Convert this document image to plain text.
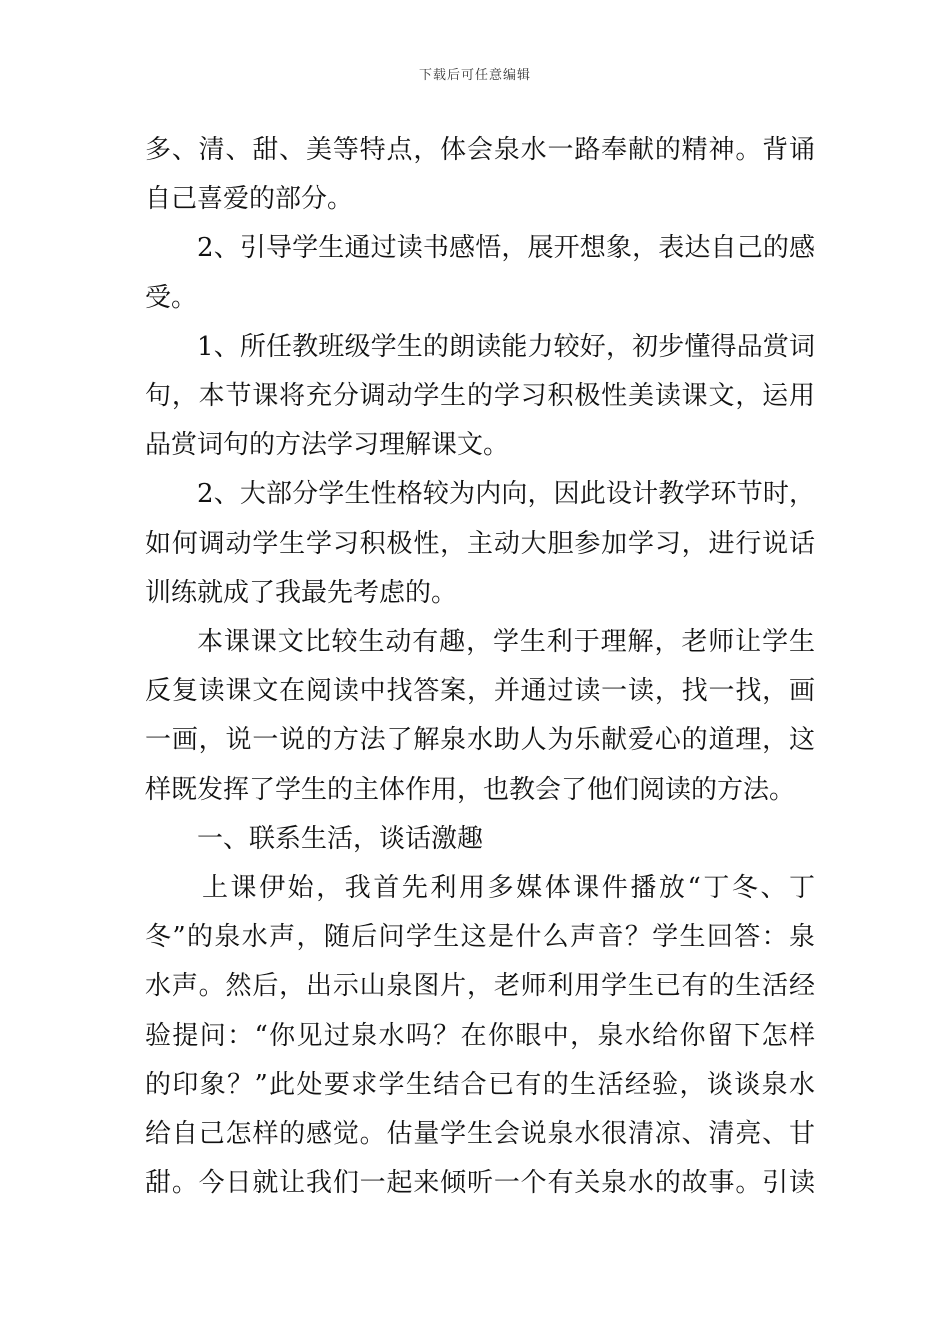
下载后可任意编辑
多、清、甜、美等特点，体会泉水一路奉献的精神。背诵
自己喜爱的部分。
2、引导学生通过读书感悟，展开想象，表达自己的感
受。
1、所任教班级学生的朗读能力较好，初步懂得品赏词
句，本节课将充分调动学生的学习积极性美读课文，运用
品赏词句的方法学习理解课文。
2、大部分学生性格较为内向，因此设计教学环节时，
如何调动学生学习积极性，主动大胆参加学习，进行说话
训练就成了我最先考虑的。
本课课文比较生动有趣，学生利于理解，老师让学生
反复读课文在阅读中找答案，并通过读一读，找一找，画
一画，说一说的方法了解泉水助人为乐献爱心的道理，这
样既发挥了学生的主体作用，也教会了他们阅读的方法。
一、联系生活，谈话激趣
上课伊始，我首先利用多媒体课件播放“丁冬、丁
冬”的泉水声，随后问学生这是什么声音？学生回答：泉
水声。然后，出示山泉图片，老师利用学生已有的生活经
验提问：“你见过泉水吗？在你眼中，泉水给你留下怎样
的印象？”此处要求学生结合已有的生活经验，谈谈泉水
给自己怎样的感觉。估量学生会说泉水很清凉、清亮、甘
甜。今日就让我们一起来倾听一个有关泉水的故事。引读
